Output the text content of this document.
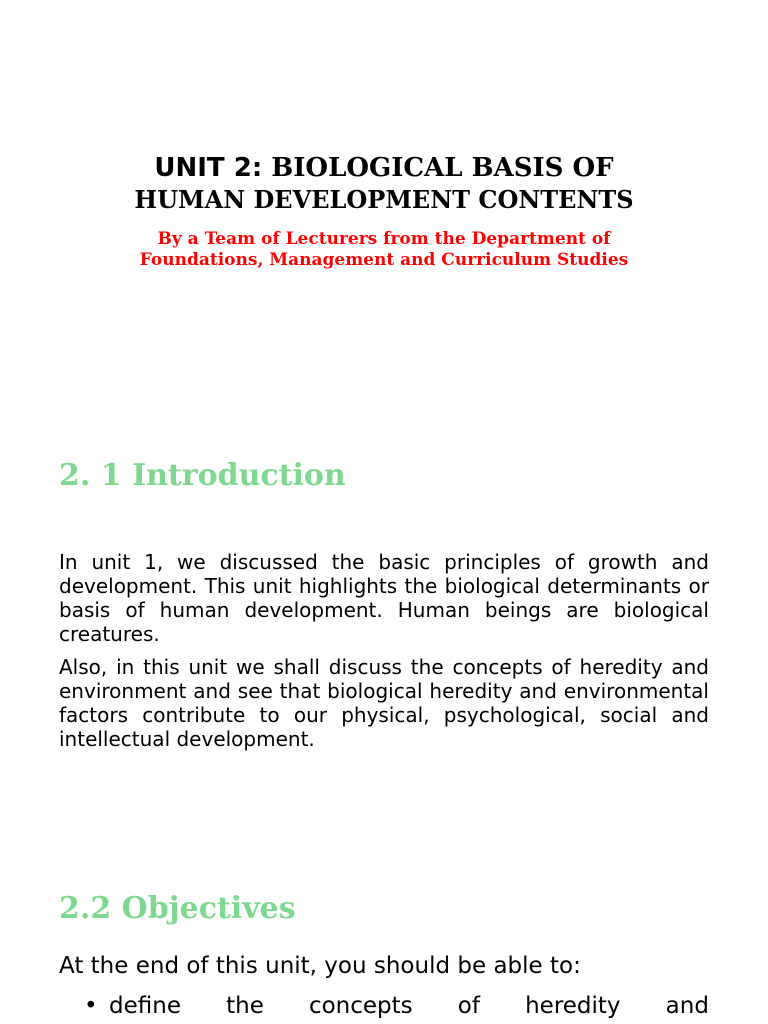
UNIT 2: BIOLOGICAL BASIS OF
HUMAN DEVELOPMENT CONTENTS
By a Team of Lecturers from the Department of
Foundations, Management and Curriculum Studies
2. 1 Introduction

In unit 1, we discussed the basic principles of growth and development. This unit highlights the biological determinants or basis of human development. Human beings are biological creatures.

Also, in this unit we shall discuss the concepts of heredity and environment and see that biological heredity and environmental factors contribute to our physical, psychological, social and intellectual development.

2.2 Objectives

At the end of this unit, you should be able to:

• define the concepts of heredity and
